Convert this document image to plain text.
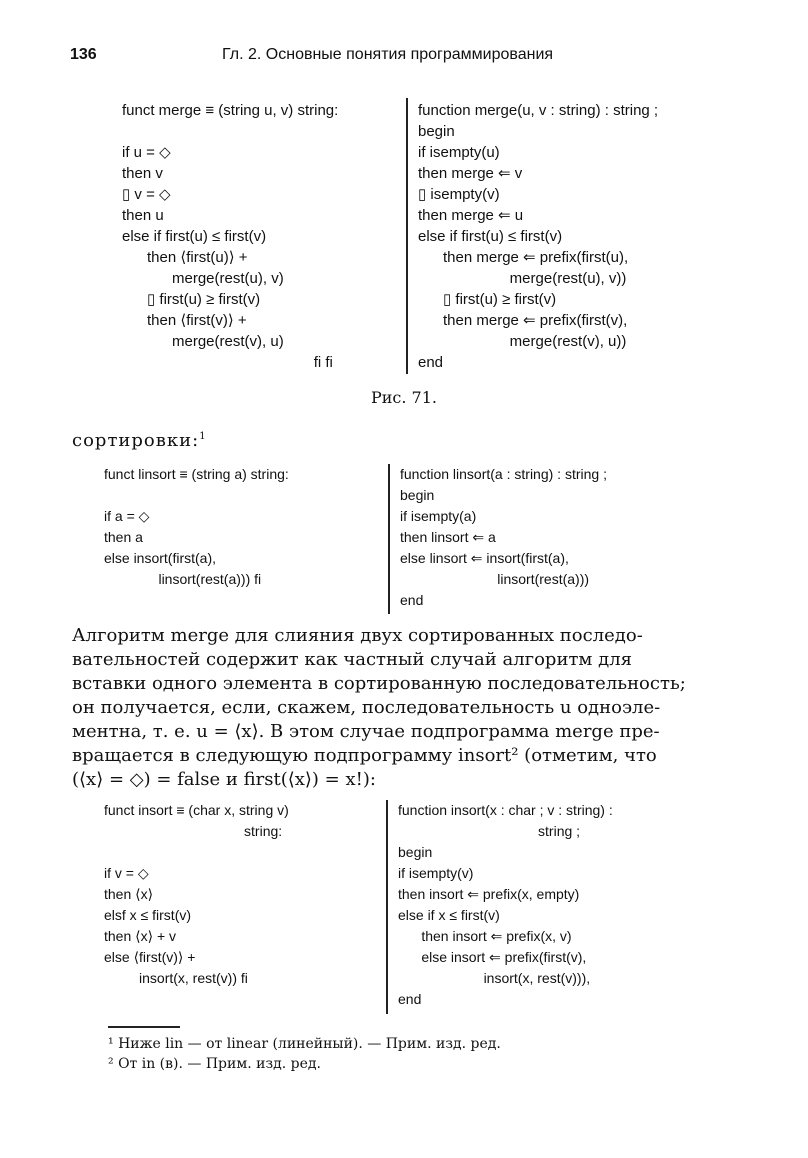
136	Гл. 2. Основные понятия программирования
funct merge ≡ (string u, v) string:
if u = ◇
then v
▯ v = ◇
then u
else if first(u) ≤ first(v)
then ⟨first(u)⟩ +
merge(rest(u), v)
▯ first(u) ≥ first(v)
then ⟨first(v)⟩ +
merge(rest(v), u)
fi fi
function merge(u, v : string) : string ;
begin
if isempty(u)
then merge ⇐ v
▯ isempty(v)
then merge ⇐ u
else if first(u) ≤ first(v)
then merge ⇐ prefix(first(u),
merge(rest(u), v))
▯ first(u) ≥ first(v)
then merge ⇐ prefix(first(v),
merge(rest(v), u))
end
Рис. 71.
сортировки:$^1$
funct linsort ≡ (string a) string:
if a = ◇
then a
else insort(first(a),
linsort(rest(a))) fi
function linsort(a : string) : string ;
begin
if isempty(a)
then linsort ⇐ a
else linsort ⇐ insort(first(a),
linsort(rest(a)))
end
Алгоритм merge для слияния двух сортированных последо-
вательностей содержит как частный случай алгоритм для
вставки одного элемента в сортированную последовательность;
он получается, если, скажем, последовательность u одноэле-
ментна, т. е. u = ⟨x⟩. В этом случае подпрограмма merge пре-
вращается в следующую подпрограмму insort² (отметим, что
(⟨x⟩ = ◇) = false и first(⟨x⟩) = x!):
funct insort ≡ (char x, string v)
string:
if v = ◇
then ⟨x⟩
elsf x ≤ first(v)
then ⟨x⟩ + v
else ⟨first(v)⟩ +
insort(x, rest(v)) fi
function insort(x : char ; v : string) :
string ;
begin
if isempty(v)
then insort ⇐ prefix(x, empty)
else if x ≤ first(v)
then insort ⇐ prefix(x, v)
else insort ⇐ prefix(first(v),
insort(x, rest(v))),
end
¹ Ниже lin — от linear (линейный). — Прим. изд. ред.
² От in (в). — Прим. изд. ред.
